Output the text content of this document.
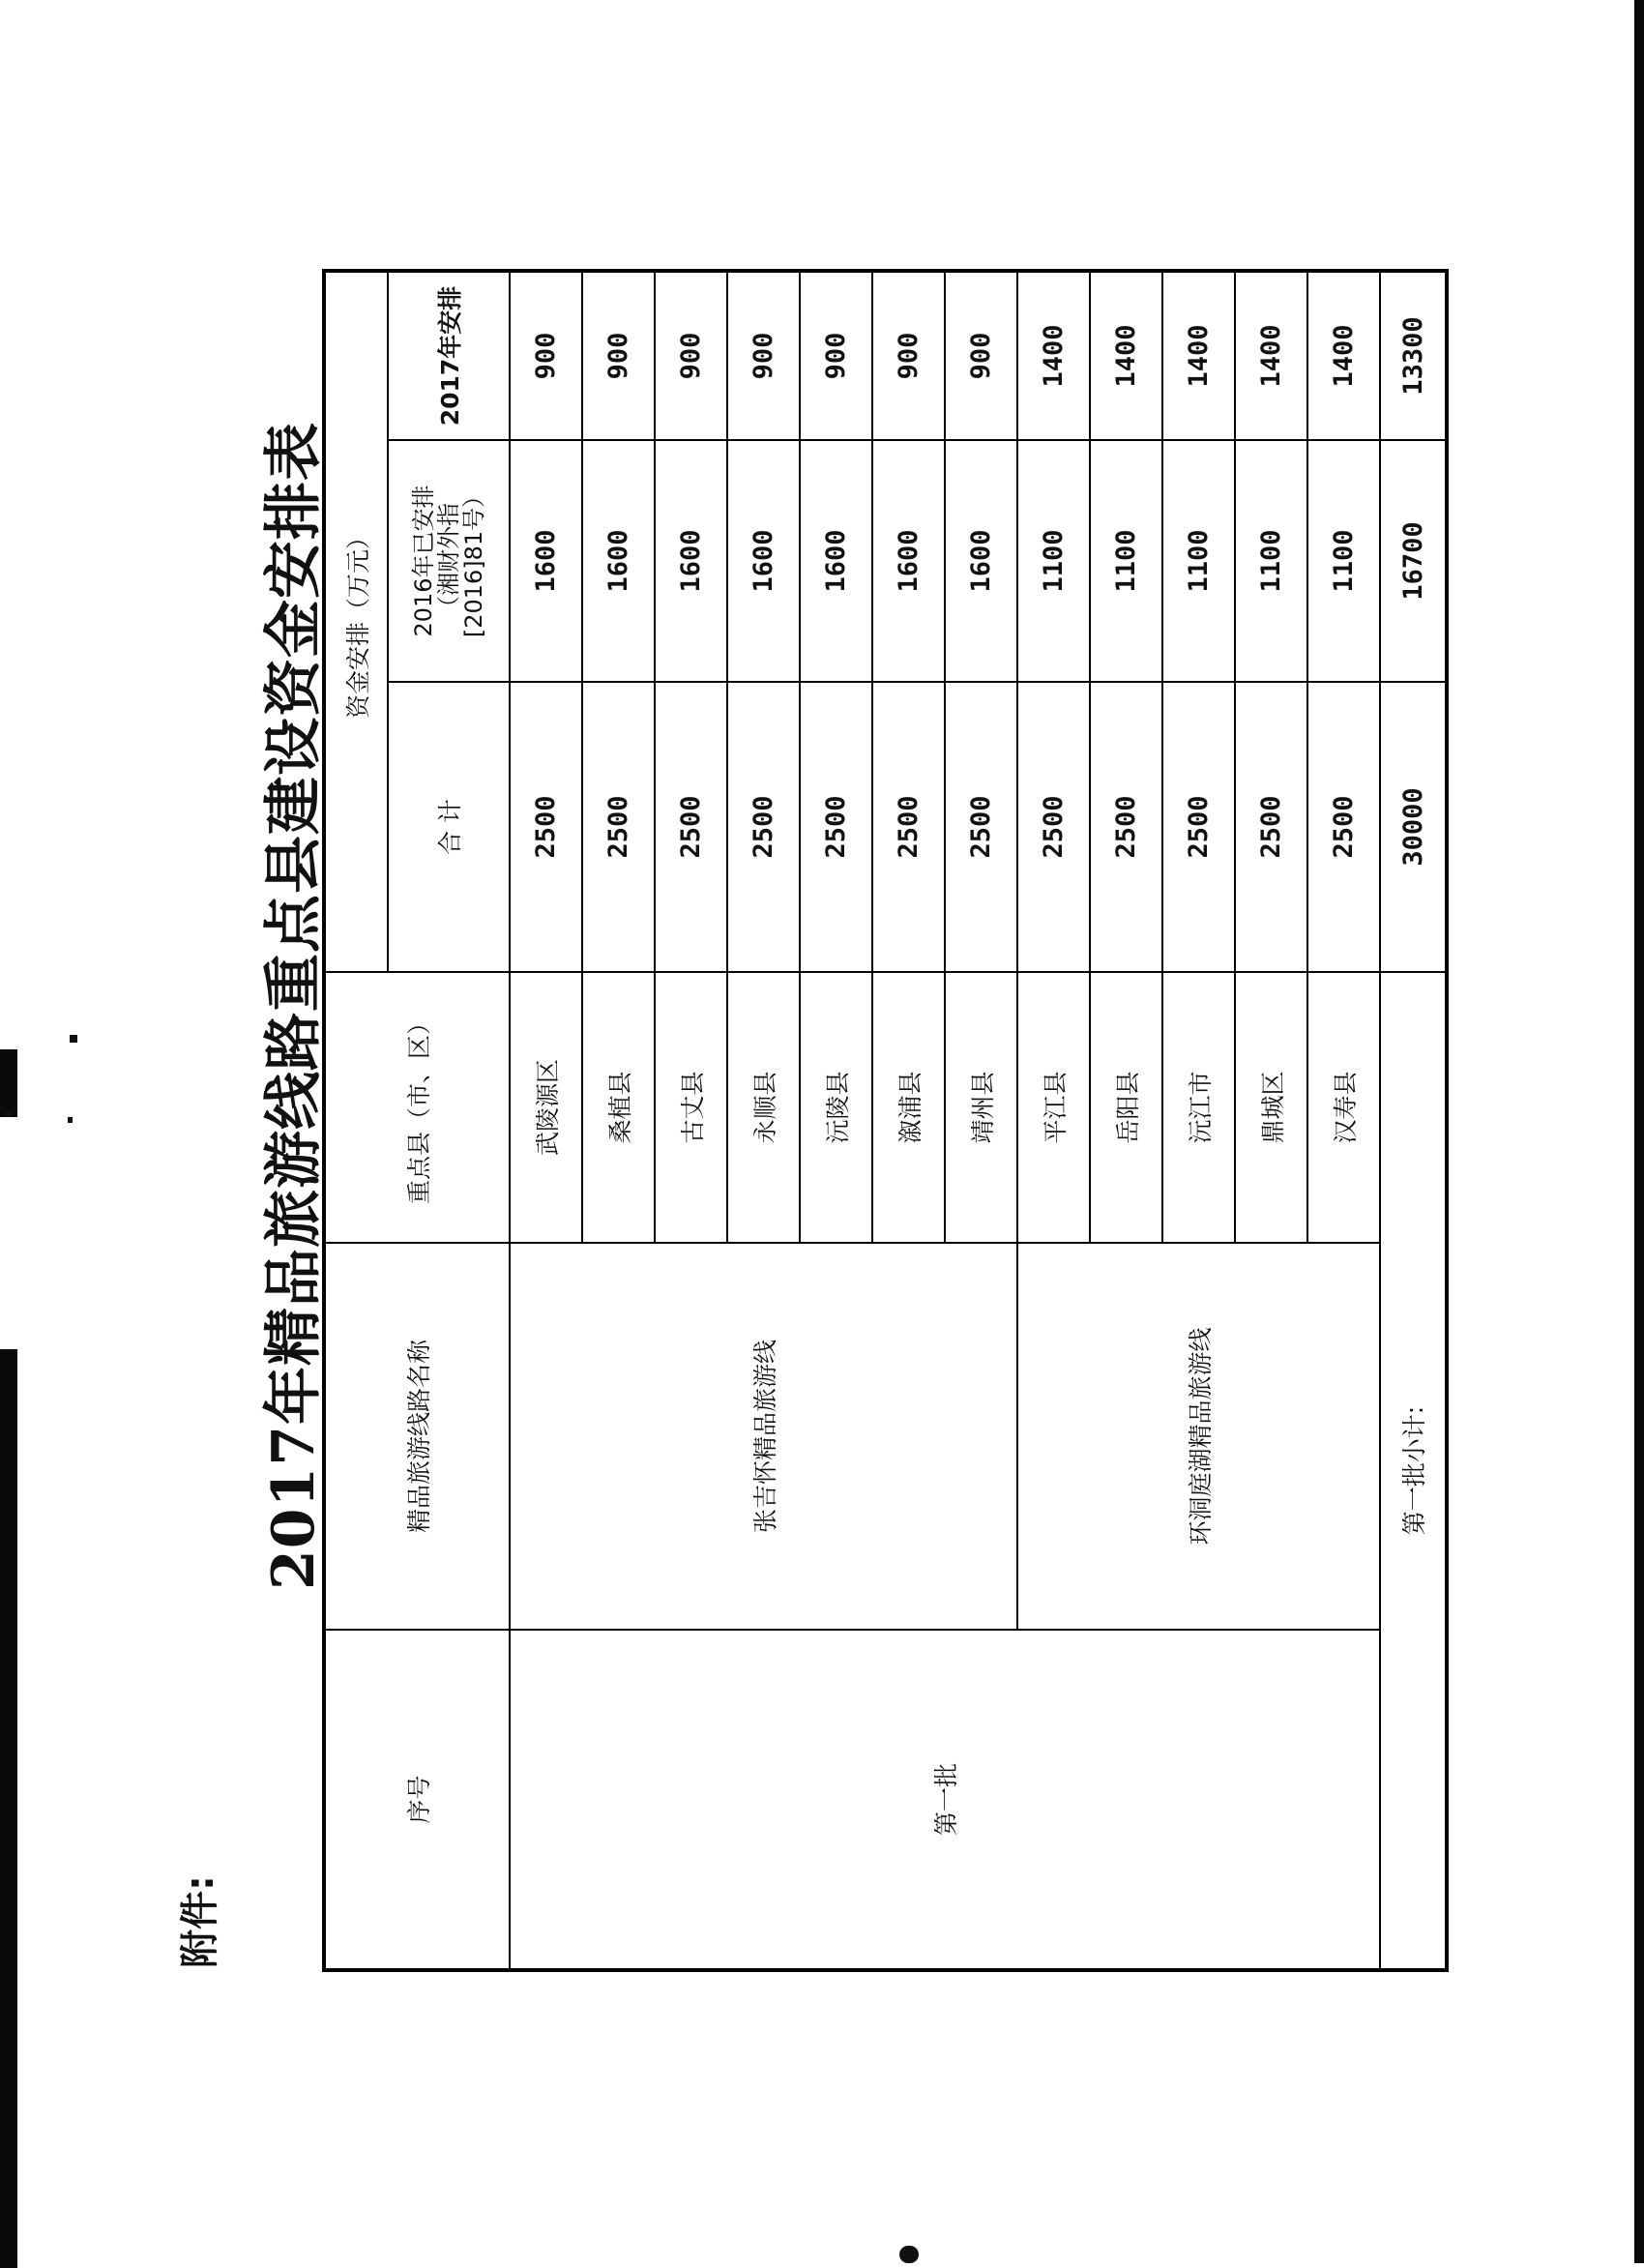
附件:
2017年精品旅游线路重点县建设资金安排表
序号	精品旅游线路名称	重点县（市、区）	资金安排（万元）		
			合 计	2016年已安排
（湘财外指
[2016]81号）	2017年安排
第一批	张吉怀精品旅游线	武陵源区	2500	1600	900
		桑植县	2500	1600	900
		古丈县	2500	1600	900
		永顺县	2500	1600	900
		沅陵县	2500	1600	900
		溆浦县	2500	1600	900
		靖州县	2500	1600	900
	环洞庭湖精品旅游线	平江县	2500	1100	1400
		岳阳县	2500	1100	1400
		沅江市	2500	1100	1400
		鼎城区	2500	1100	1400
		汉寿县	2500	1100	1400
第一批小计:			30000	16700	13300
